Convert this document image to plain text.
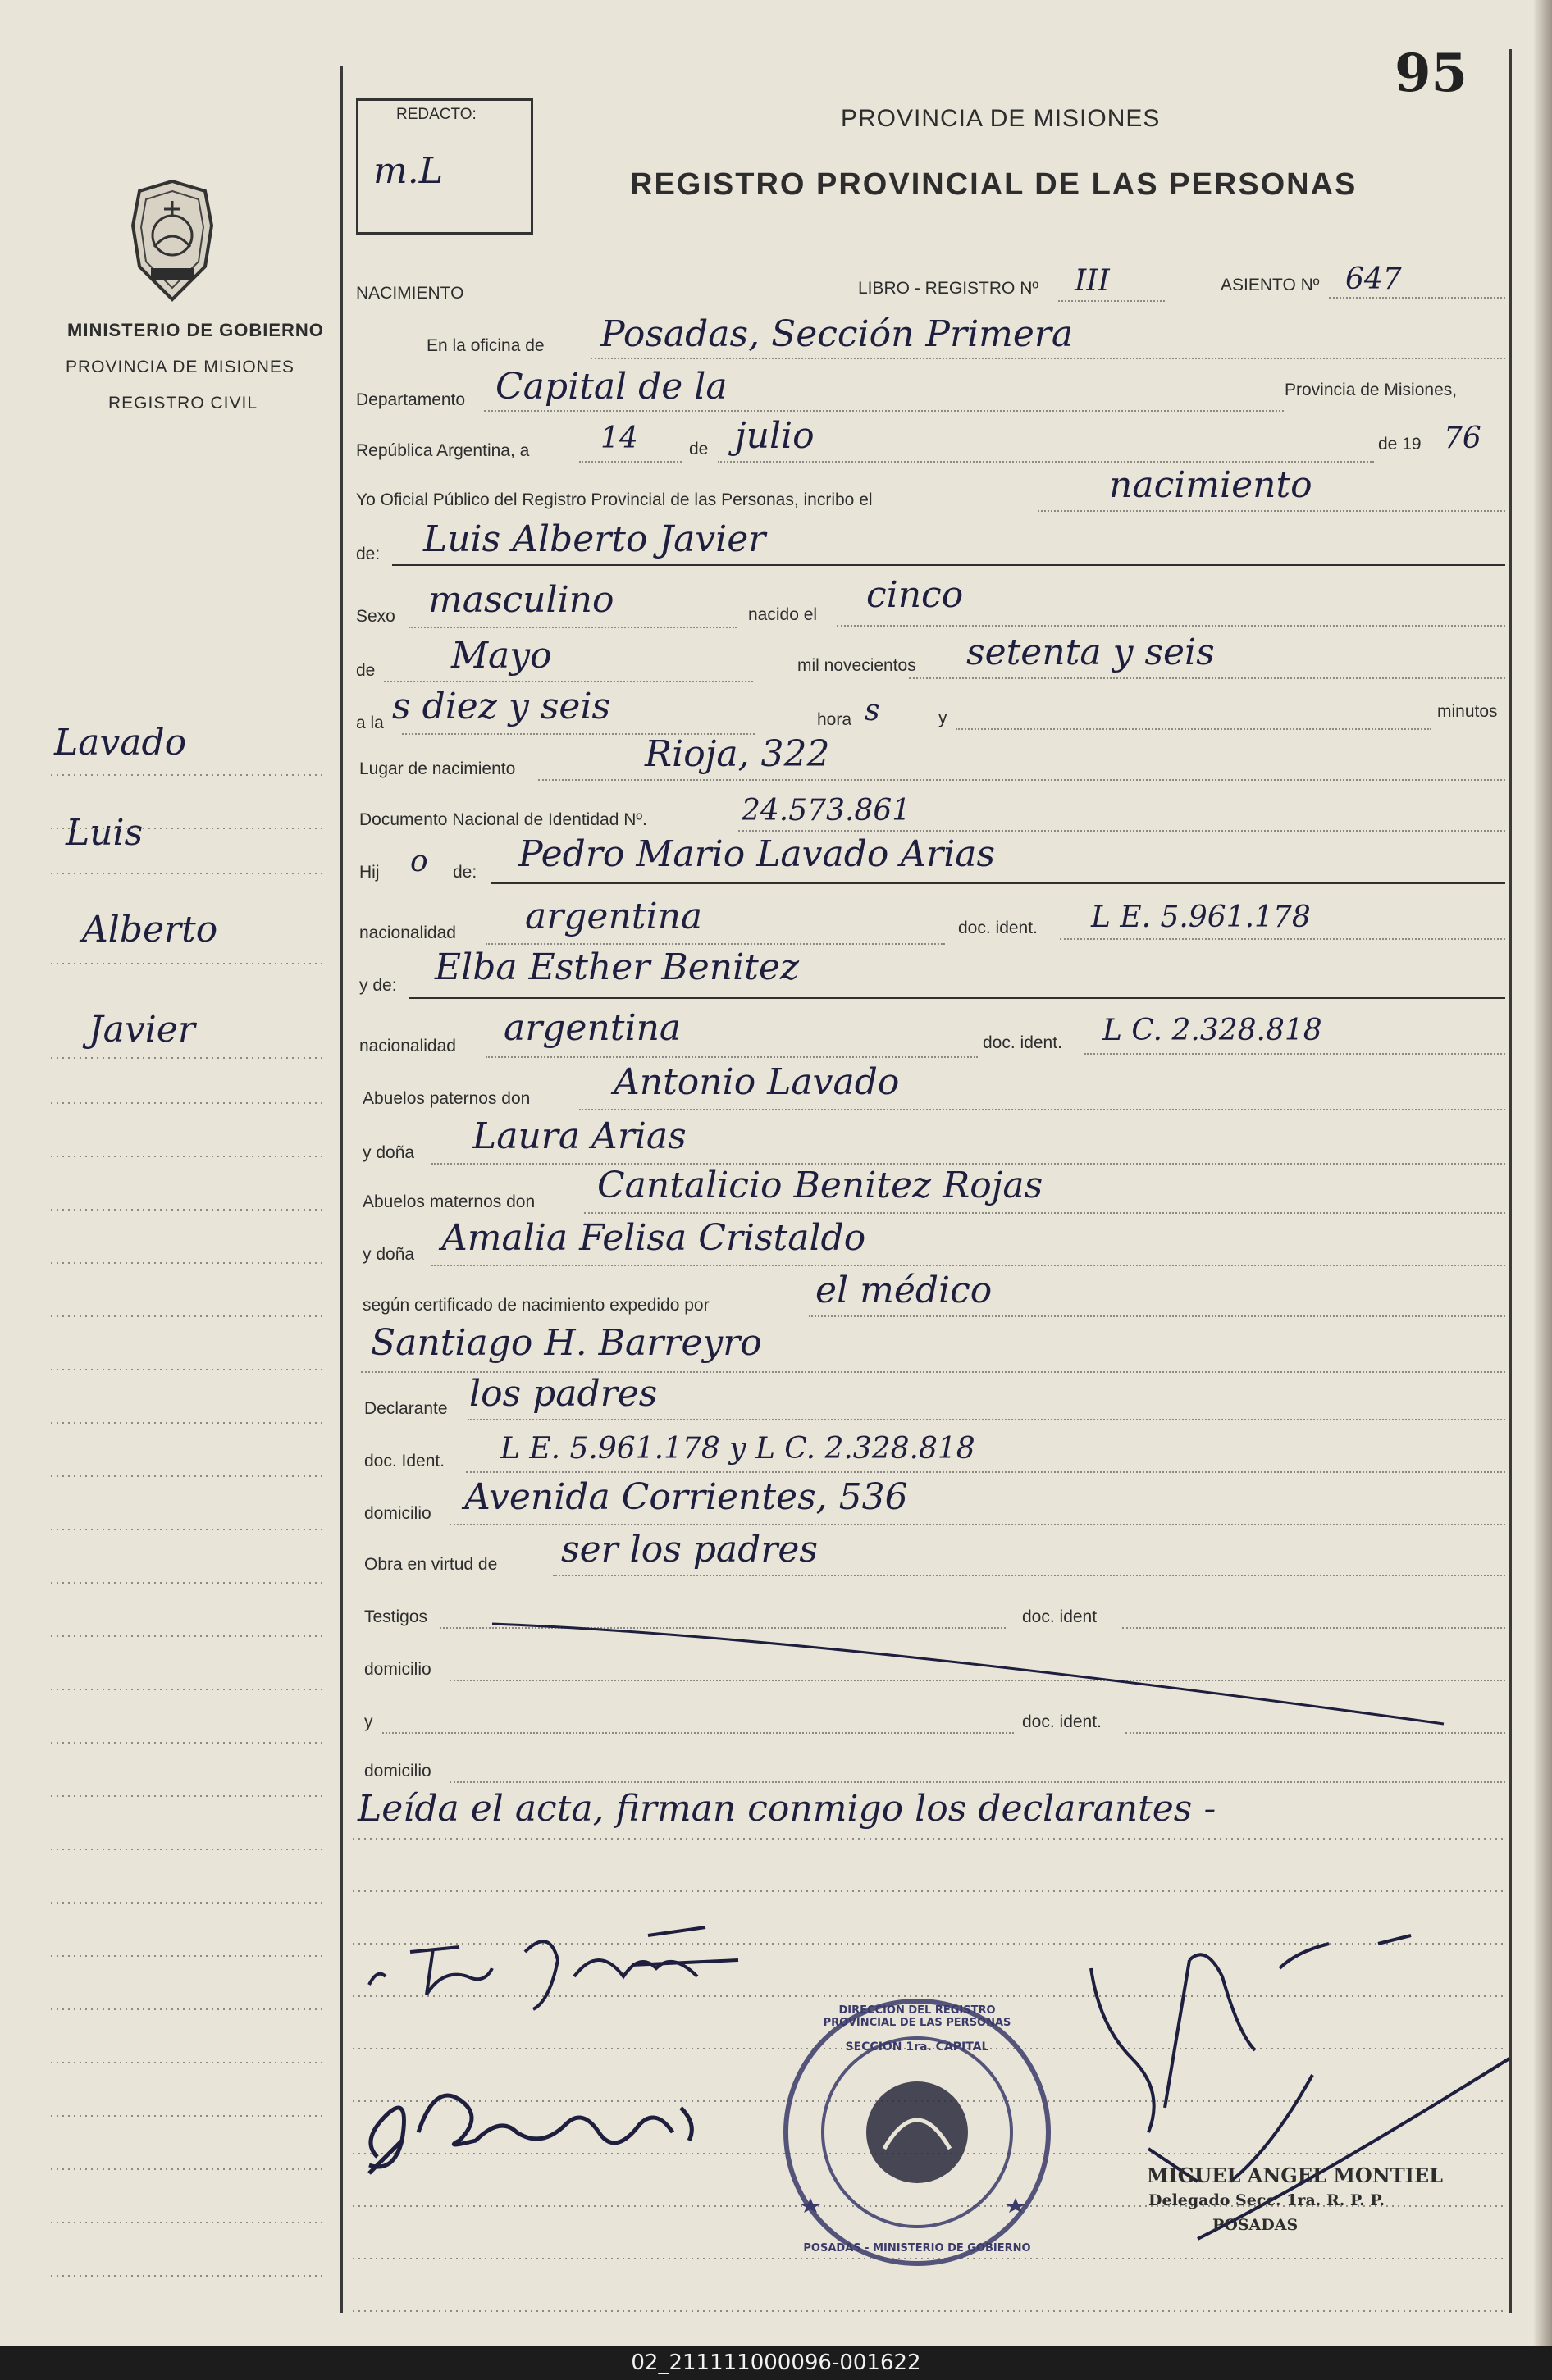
95
MINISTERIO DE GOBIERNO
PROVINCIA DE MISIONES
REGISTRO CIVIL
Lavado
Luis
Alberto
Javier
REDACTO:
m.L
PROVINCIA DE MISIONES
REGISTRO PROVINCIAL DE LAS PERSONAS
NACIMIENTO	LIBRO - REGISTRO Nº III	ASIENTO Nº 647
En la oficina de Posadas, Sección Primera
Departamento Capital de la	Provincia de Misiones,
República Argentina, a 14	de julio	de 19 76
Yo Oficial Público del Registro Provincial de las Personas, incribo el	nacimiento
de: Luis Alberto Javier
Sexo masculino	nacido el cinco
de Mayo	mil novecientos setenta y seis
a la s diez y seis	hora s	y	minutos
Lugar de nacimiento	Rioja, 322
Documento Nacional de Identidad Nº.	24.573.861
Hij o de: Pedro Mario Lavado Arias
nacionalidad argentina	doc. ident. L E. 5.961.178
y de: Elba Esther Benitez
nacionalidad argentina	doc. ident. L C. 2.328.818
Abuelos paternos don Antonio Lavado
y doña Laura Arias
Abuelos maternos don Cantalicio Benitez Rojas
y doña Amalia Felisa Cristaldo
según certificado de nacimiento expedido por	el médico
Santiago H. Barreyro
Declarante los padres
doc. Ident. L E. 5.961.178 y L C. 2.328.818
domicilio Avenida Corrientes, 536
Obra en virtud de ser los padres
Testigos	doc. ident
domicilio
y	doc. ident.
domicilio
Leída el acta, firman conmigo los declarantes -
DIRECCION DEL REGISTRO PROVINCIAL DE LAS PERSONAS
SECCION 1ra. CAPITAL
POSADAS - MINISTERIO DE GOBIERNO
MIGUEL ANGEL MONTIEL
Delegado Secc. 1ra. R. P. P.
POSADAS
02_211111000096-001622
